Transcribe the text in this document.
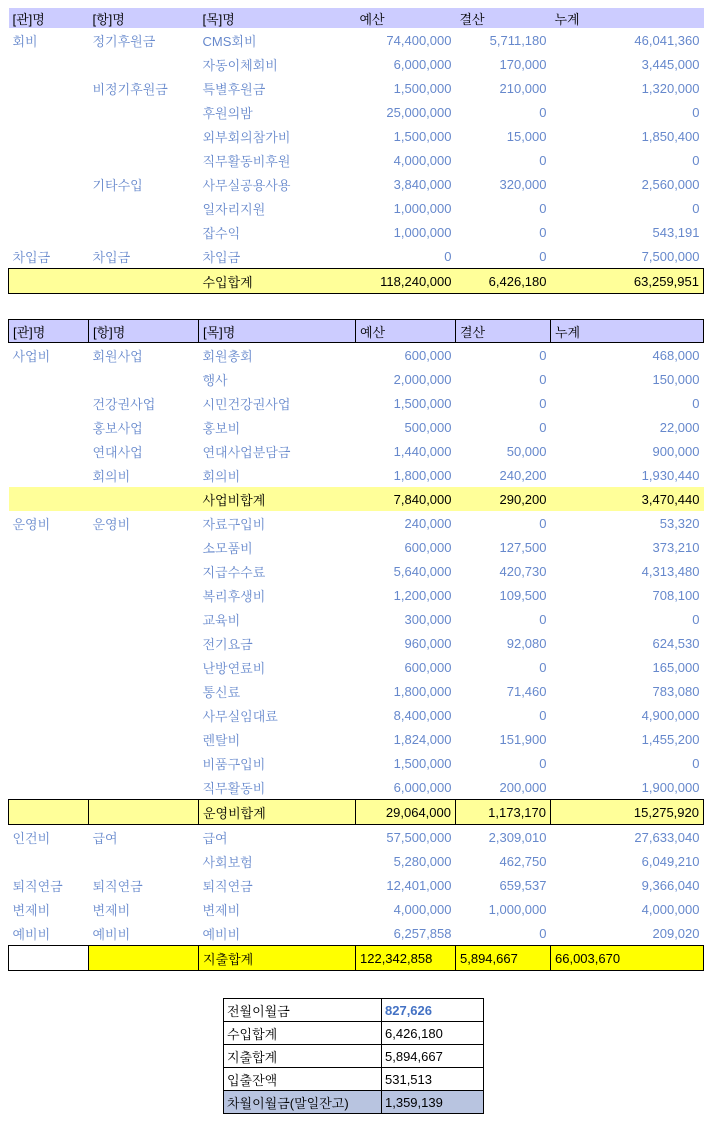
[관]명	[항]명	[목]명	예산	결산	누계
회비	정기후원금	CMS회비	74,400,000	5,711,180	46,041,360
		자동이체회비	6,000,000	170,000	3,445,000
	비정기후원금	특별후원금	1,500,000	210,000	1,320,000
		후원의밤	25,000,000	0	0
		외부회의참가비	1,500,000	15,000	1,850,400
		직무활동비후원	4,000,000	0	0
	기타수입	사무실공용사용	3,840,000	320,000	2,560,000
		일자리지원	1,000,000	0	0
		잡수익	1,000,000	0	543,191
차입금	차입금	차입금	0	0	7,500,000
		수입합계	118,240,000	6,426,180	63,259,951
[관]명	[항]명	[목]명	예산	결산	누계
사업비	회원사업	회원총회	600,000	0	468,000
		행사	2,000,000	0	150,000
	건강권사업	시민건강권사업	1,500,000	0	0
	홍보사업	홍보비	500,000	0	22,000
	연대사업	연대사업분담금	1,440,000	50,000	900,000
	회의비	회의비	1,800,000	240,200	1,930,440
		사업비합계	7,840,000	290,200	3,470,440
운영비	운영비	자료구입비	240,000	0	53,320
		소모품비	600,000	127,500	373,210
		지급수수료	5,640,000	420,730	4,313,480
		복리후생비	1,200,000	109,500	708,100
		교육비	300,000	0	0
		전기요금	960,000	92,080	624,530
		난방연료비	600,000	0	165,000
		통신료	1,800,000	71,460	783,080
		사무실임대료	8,400,000	0	4,900,000
		렌탈비	1,824,000	151,900	1,455,200
		비품구입비	1,500,000	0	0
		직무활동비	6,000,000	200,000	1,900,000
		운영비합계	29,064,000	1,173,170	15,275,920
인건비	급여	급여	57,500,000	2,309,010	27,633,040
		사회보험	5,280,000	462,750	6,049,210
퇴직연금	퇴직연금	퇴직연금	12,401,000	659,537	9,366,040
변제비	변제비	변제비	4,000,000	1,000,000	4,000,000
예비비	예비비	예비비	6,257,858	0	209,020
		지출합계	122,342,858	5,894,667	66,003,670
전월이월금	827,626
수입합계	6,426,180
지출합계	5,894,667
입출잔액	531,513
차월이월금(말일잔고)	1,359,139
